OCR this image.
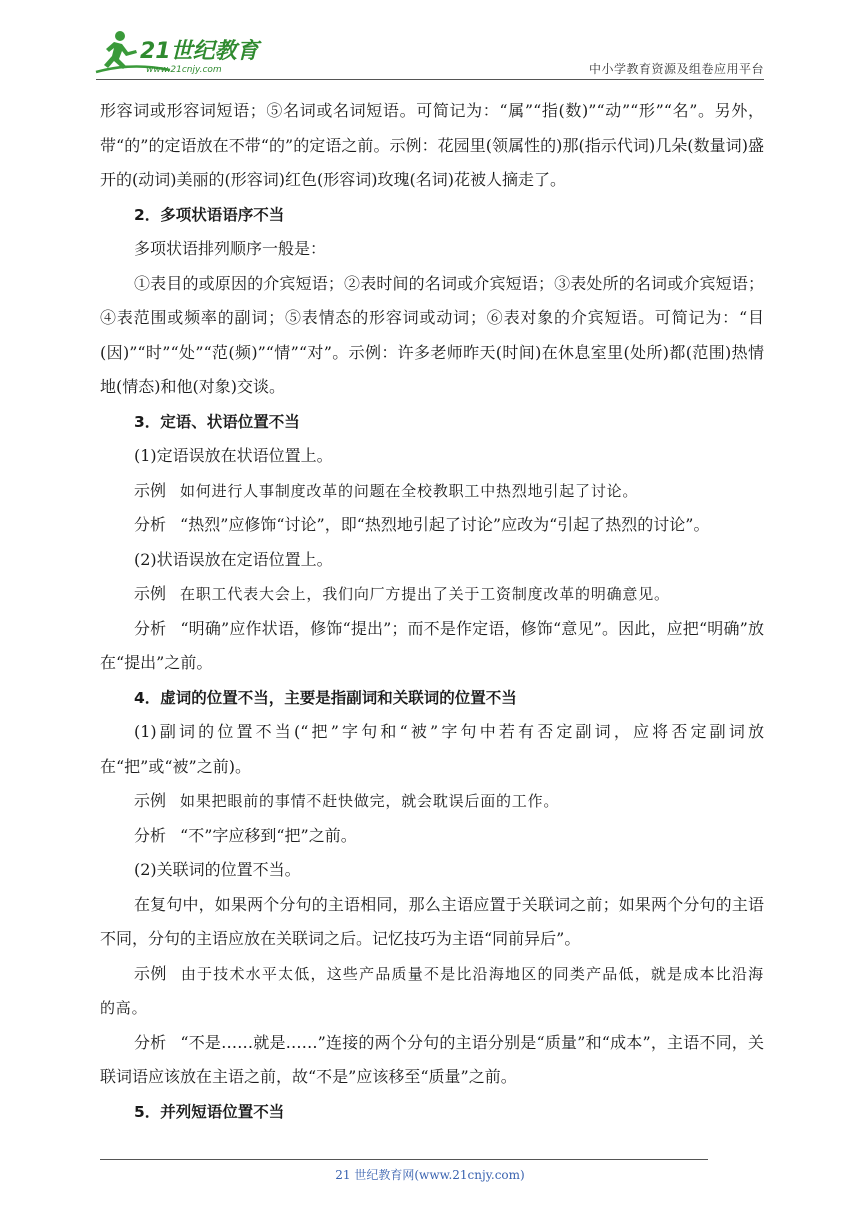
21世纪教育
www.21cnjy.com	中小学教育资源及组卷应用平台

形容词或形容词短语；⑤名词或名词短语。可简记为：“属”“指(数)”“动”“形”“名”。另外，带“的”的定语放在不带“的”的定语之前。示例：花园里(领属性的)那(指示代词)几朵(数量词)盛开的(动词)美丽的(形容词)红色(形容词)玫瑰(名词)花被人摘走了。

2．多项状语语序不当

多项状语排列顺序一般是：

①表目的或原因的介宾短语；②表时间的名词或介宾短语；③表处所的名词或介宾短语；④表范围或频率的副词；⑤表情态的形容词或动词；⑥表对象的介宾短语。可简记为：“目(因)”“时”“处”“范(频)”“情”“对”。示例：许多老师昨天(时间)在休息室里(处所)都(范围)热情地(情态)和他(对象)交谈。

3．定语、状语位置不当

(1)定语误放在状语位置上。

示例 如何进行人事制度改革的问题在全校教职工中热烈地引起了讨论。

分析 “热烈”应修饰“讨论”，即“热烈地引起了讨论”应改为“引起了热烈的讨论”。

(2)状语误放在定语位置上。

示例 在职工代表大会上，我们向厂方提出了关于工资制度改革的明确意见。

分析 “明确”应作状语，修饰“提出”；而不是作定语，修饰“意见”。因此，应把“明确”放在“提出”之前。

4．虚词的位置不当，主要是指副词和关联词的位置不当

(1)副词的位置不当(“把”字句和“被”字句中若有否定副词，应将否定副词放在“把”或“被”之前)。

示例 如果把眼前的事情不赶快做完，就会耽误后面的工作。

分析 “不”字应移到“把”之前。

(2)关联词的位置不当。

在复句中，如果两个分句的主语相同，那么主语应置于关联词之前；如果两个分句的主语不同，分句的主语应放在关联词之后。记忆技巧为主语“同前异后”。

示例 由于技术水平太低，这些产品质量不是比沿海地区的同类产品低，就是成本比沿海的高。

分析 “不是……就是……”连接的两个分句的主语分别是“质量”和“成本”，主语不同，关联词语应该放在主语之前，故“不是”应该移至“质量”之前。

5．并列短语位置不当

21 世纪教育网(www.21cnjy.com)
